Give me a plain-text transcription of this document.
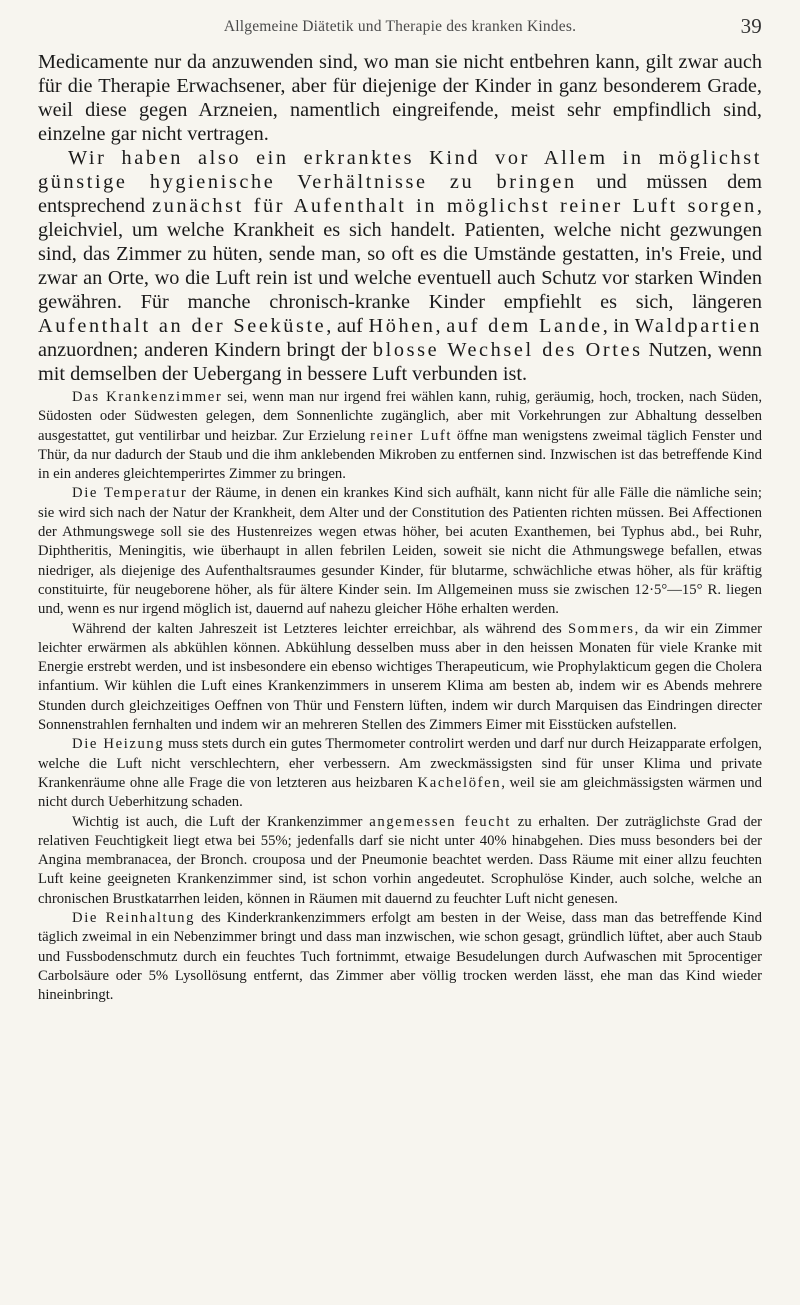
Allgemeine Diätetik und Therapie des kranken Kindes.	39

Medicamente nur da anzuwenden sind, wo man sie nicht entbehren kann, gilt zwar auch für die Therapie Erwachsener, aber für diejenige der Kinder in ganz besonderem Grade, weil diese gegen Arzneien, namentlich eingreifende, meist sehr empfindlich sind, einzelne gar nicht vertragen.

Wir haben also ein erkranktes Kind vor Allem in möglichst günstige hygienische Verhältnisse zu bringen und müssen dem entsprechend zunächst für Aufenthalt in möglichst reiner Luft sorgen, gleichviel, um welche Krankheit es sich handelt. Patienten, welche nicht gezwungen sind, das Zimmer zu hüten, sende man, so oft es die Umstände gestatten, in's Freie, und zwar an Orte, wo die Luft rein ist und welche eventuell auch Schutz vor starken Winden gewähren. Für manche chronisch-kranke Kinder empfiehlt es sich, längeren Aufenthalt an der Seeküste, auf Höhen, auf dem Lande, in Waldpartien anzuordnen; anderen Kindern bringt der blosse Wechsel des Ortes Nutzen, wenn mit demselben der Uebergang in bessere Luft verbunden ist.

Das Krankenzimmer sei, wenn man nur irgend frei wählen kann, ruhig, geräumig, hoch, trocken, nach Süden, Südosten oder Südwesten gelegen, dem Sonnenlichte zugänglich, aber mit Vorkehrungen zur Abhaltung desselben ausgestattet, gut ventilirbar und heizbar. Zur Erzielung reiner Luft öffne man wenigstens zweimal täglich Fenster und Thür, da nur dadurch der Staub und die ihm anklebenden Mikroben zu entfernen sind. Inzwischen ist das betreffende Kind in ein anderes gleichtemperirtes Zimmer zu bringen.

Die Temperatur der Räume, in denen ein krankes Kind sich aufhält, kann nicht für alle Fälle die nämliche sein; sie wird sich nach der Natur der Krankheit, dem Alter und der Constitution des Patienten richten müssen. Bei Affectionen der Athmungswege soll sie des Hustenreizes wegen etwas höher, bei acuten Exanthemen, bei Typhus abd., bei Ruhr, Diphtheritis, Meningitis, wie überhaupt in allen febrilen Leiden, soweit sie nicht die Athmungswege befallen, etwas niedriger, als diejenige des Aufenthaltsraumes gesunder Kinder, für blutarme, schwächliche etwas höher, als für kräftig constituirte, für neugeborene höher, als für ältere Kinder sein. Im Allgemeinen muss sie zwischen 12·5°—15° R. liegen und, wenn es nur irgend möglich ist, dauernd auf nahezu gleicher Höhe erhalten werden.

Während der kalten Jahreszeit ist Letzteres leichter erreichbar, als während des Sommers, da wir ein Zimmer leichter erwärmen als abkühlen können. Abkühlung desselben muss aber in den heissen Monaten für viele Kranke mit Energie erstrebt werden, und ist insbesondere ein ebenso wichtiges Therapeuticum, wie Prophylakticum gegen die Cholera infantium. Wir kühlen die Luft eines Krankenzimmers in unserem Klima am besten ab, indem wir es Abends mehrere Stunden durch gleichzeitiges Oeffnen von Thür und Fenstern lüften, indem wir durch Marquisen das Eindringen directer Sonnenstrahlen fernhalten und indem wir an mehreren Stellen des Zimmers Eimer mit Eisstücken aufstellen.

Die Heizung muss stets durch ein gutes Thermometer controlirt werden und darf nur durch Heizapparate erfolgen, welche die Luft nicht verschlechtern, eher verbessern. Am zweckmässigsten sind für unser Klima und private Krankenräume ohne alle Frage die von letzteren aus heizbaren Kachelöfen, weil sie am gleichmässigsten wärmen und nicht durch Ueberhitzung schaden.

Wichtig ist auch, die Luft der Krankenzimmer angemessen feucht zu erhalten. Der zuträglichste Grad der relativen Feuchtigkeit liegt etwa bei 55%; jedenfalls darf sie nicht unter 40% hinabgehen. Dies muss besonders bei der Angina membranacea, der Bronch. crouposa und der Pneumonie beachtet werden. Dass Räume mit einer allzu feuchten Luft keine geeigneten Krankenzimmer sind, ist schon vorhin angedeutet. Scrophulöse Kinder, auch solche, welche an chronischen Brustkatarrhen leiden, können in Räumen mit dauernd zu feuchter Luft nicht genesen.

Die Reinhaltung des Kinderkrankenzimmers erfolgt am besten in der Weise, dass man das betreffende Kind täglich zweimal in ein Nebenzimmer bringt und dass man inzwischen, wie schon gesagt, gründlich lüftet, aber auch Staub und Fussbodenschmutz durch ein feuchtes Tuch fortnimmt, etwaige Besudelungen durch Aufwaschen mit 5procentiger Carbolsäure oder 5% Lysollösung entfernt, das Zimmer aber völlig trocken werden lässt, ehe man das Kind wieder hineinbringt.
